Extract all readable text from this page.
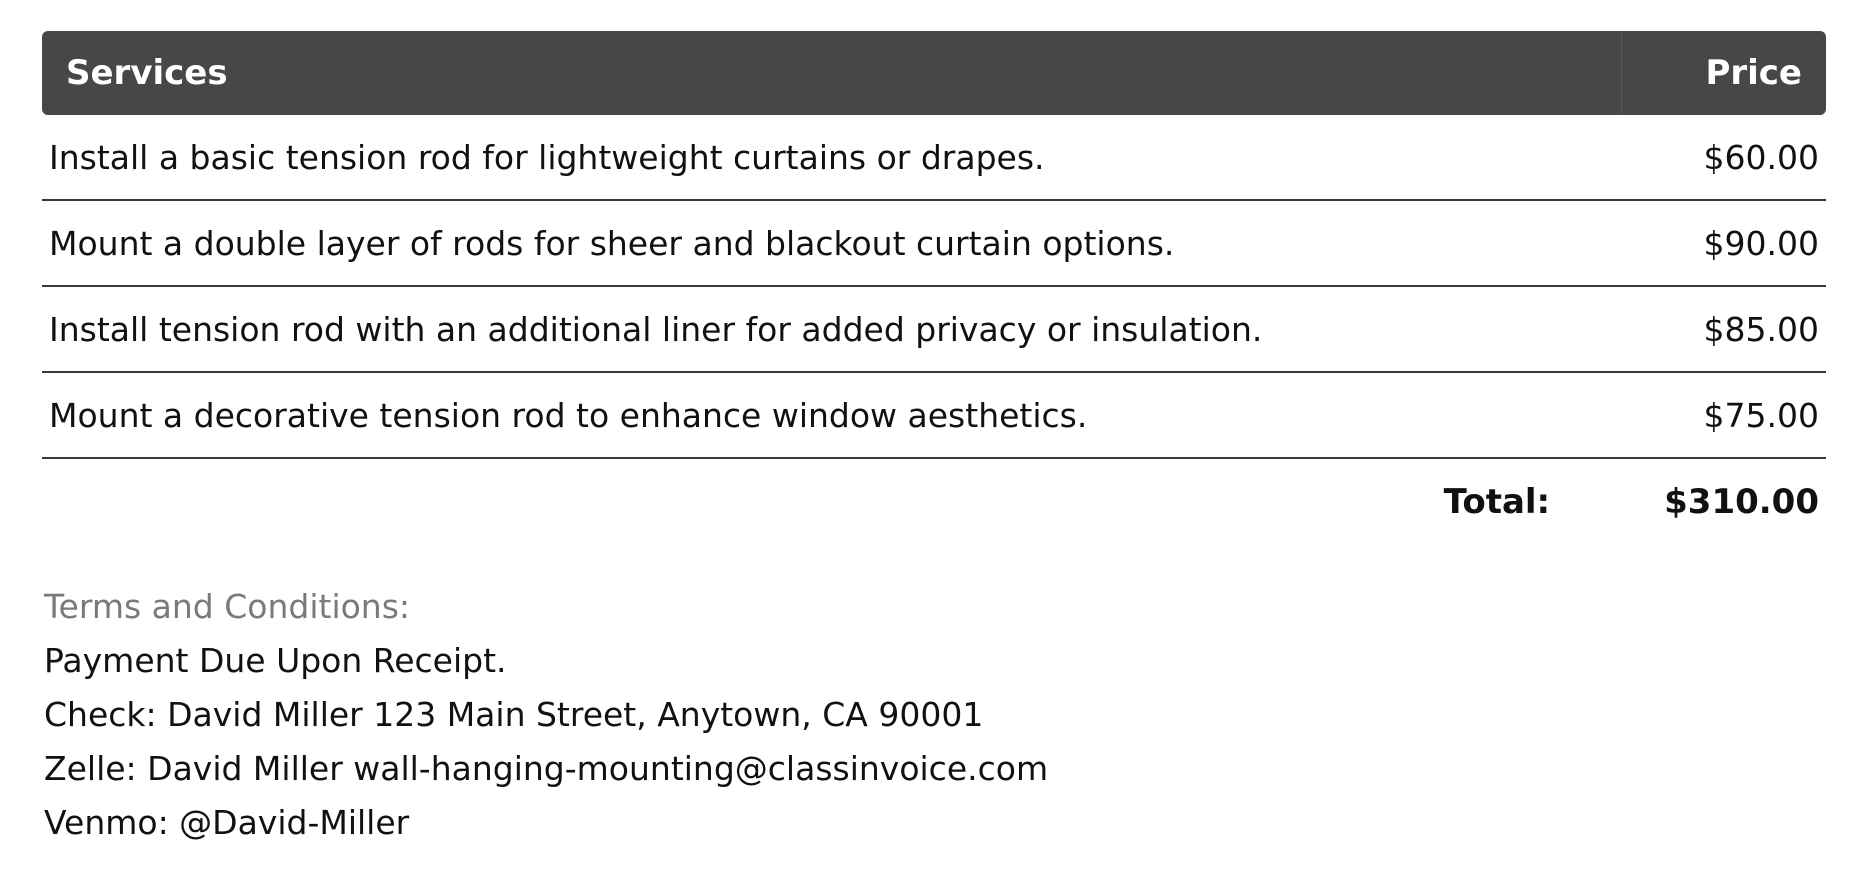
Services	Price
Install a basic tension rod for lightweight curtains or drapes.	$60.00
Mount a double layer of rods for sheer and blackout curtain options.	$90.00
Install tension rod with an additional liner for added privacy or insulation.	$85.00
Mount a decorative tension rod to enhance window aesthetics.	$75.00
Total:	$310.00
Terms and Conditions:
Payment Due Upon Receipt.
Check: David Miller 123 Main Street, Anytown, CA 90001
Zelle: David Miller wall-hanging-mounting@classinvoice.com
Venmo: @David-Miller
